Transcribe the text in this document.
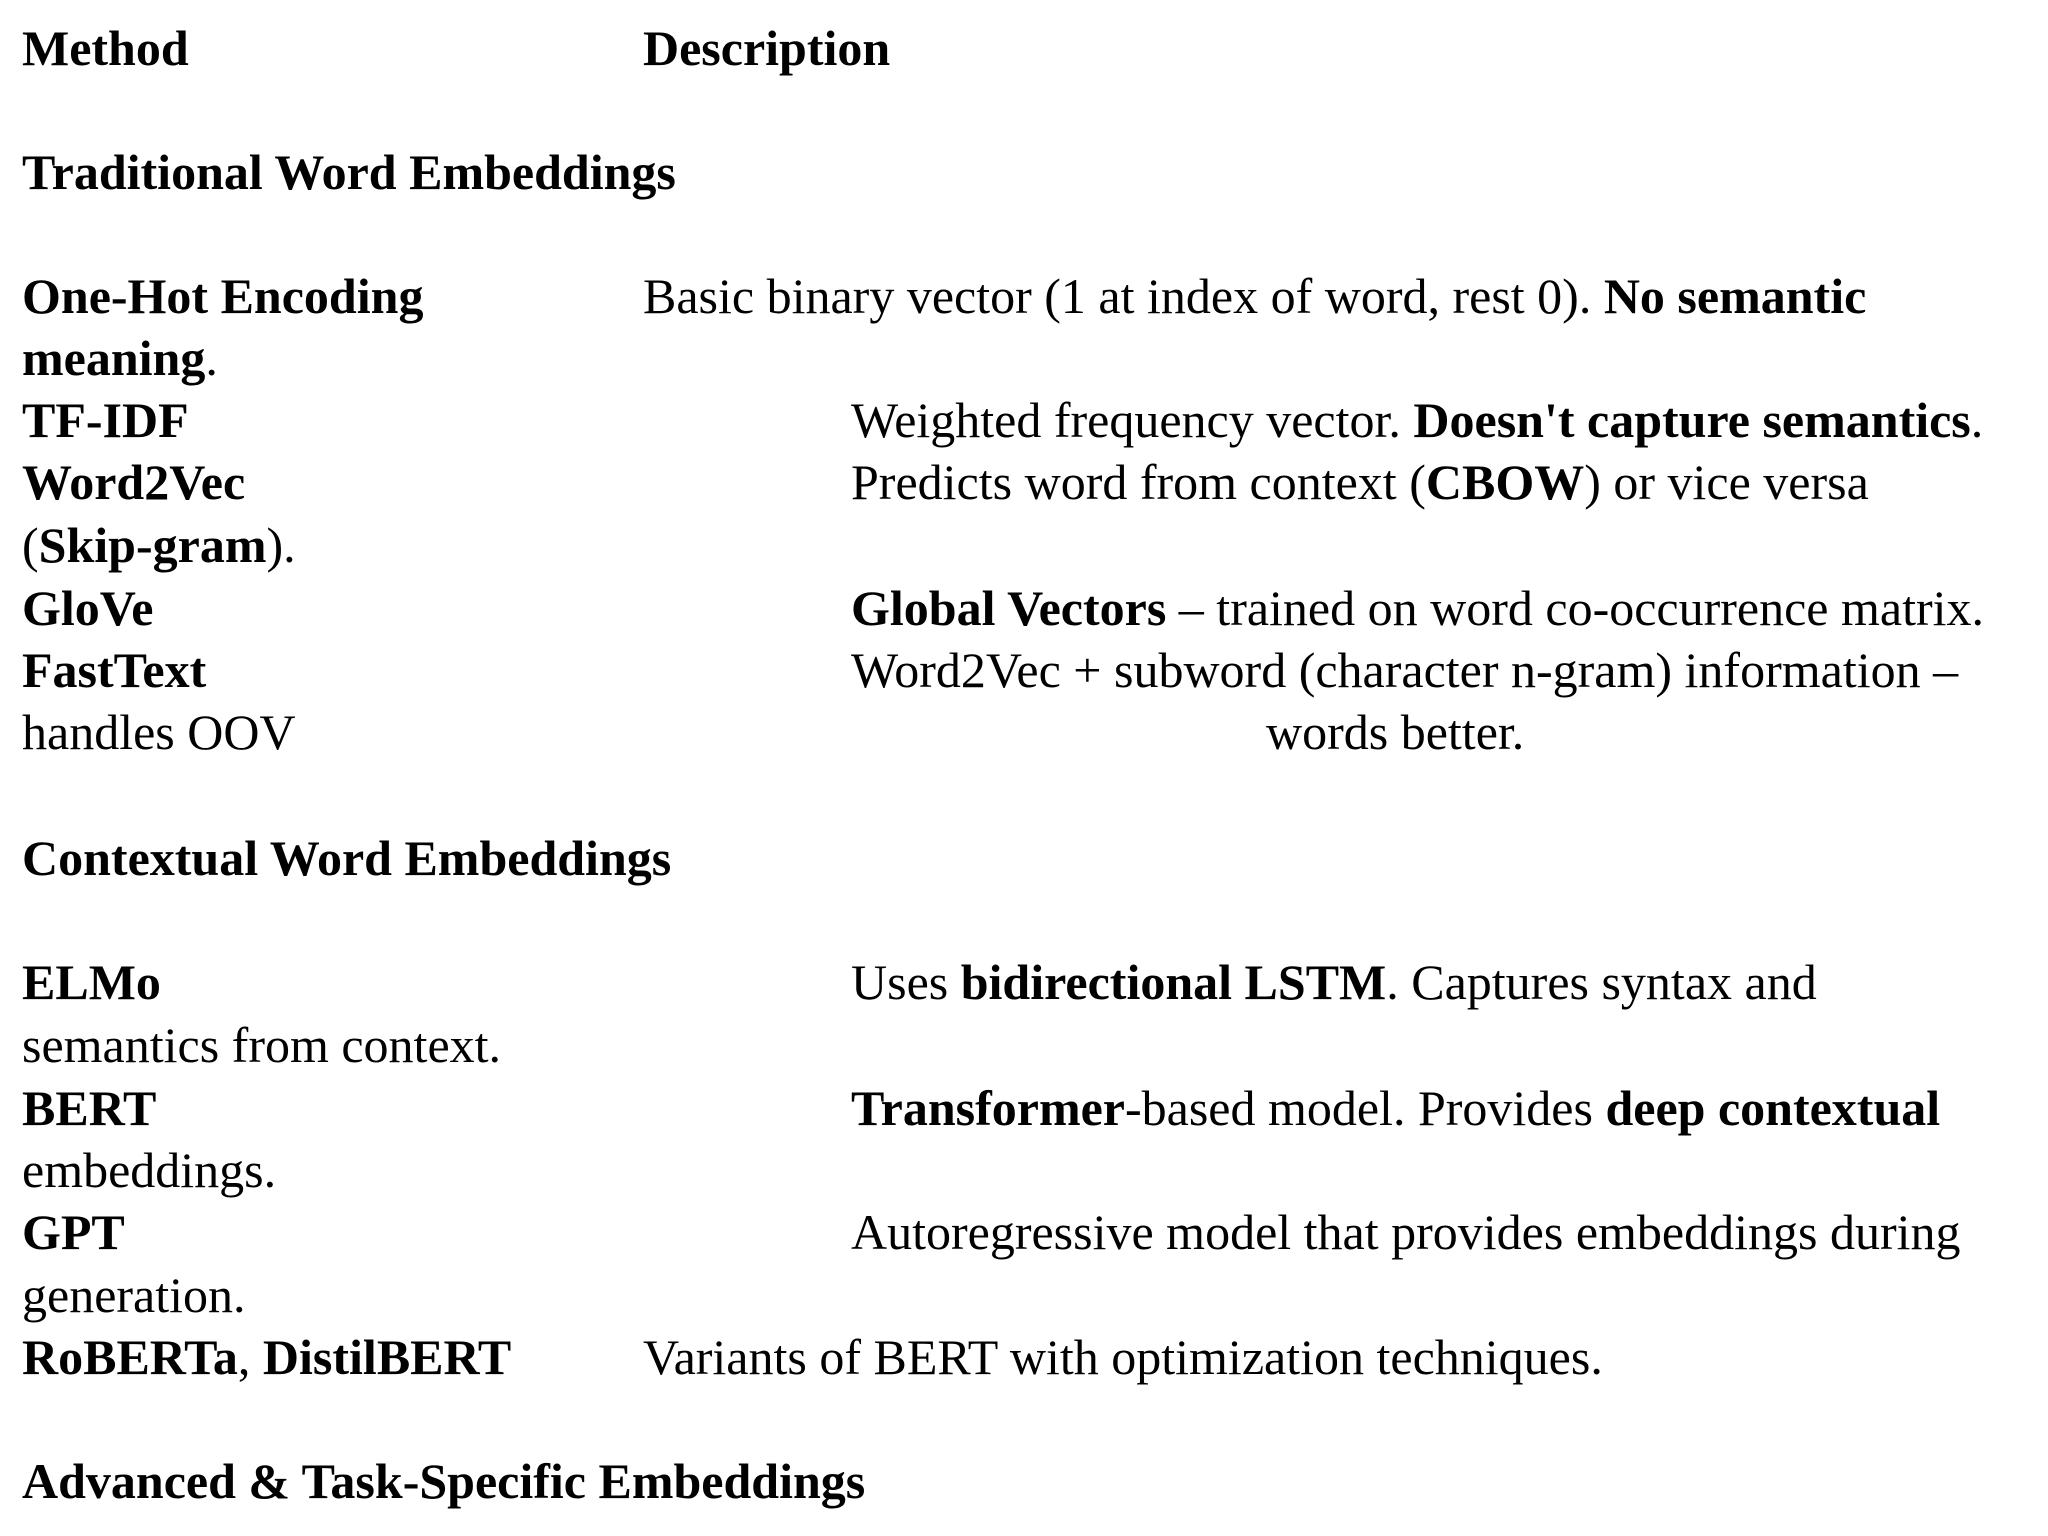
Method	Description
Traditional Word Embeddings
One-Hot Encoding	Basic binary vector (1 at index of word, rest 0). No semantic
meaning.
TF-IDF	Weighted frequency vector. Doesn't capture semantics.
Word2Vec	Predicts word from context (CBOW) or vice versa
(Skip-gram).
GloVe	Global Vectors – trained on word co-occurrence matrix.
FastText	Word2Vec + subword (character n-gram) information –
handles OOV	words better.
Contextual Word Embeddings
ELMo	Uses bidirectional LSTM. Captures syntax and
semantics from context.
BERT	Transformer-based model. Provides deep contextual
embeddings.
GPT	Autoregressive model that provides embeddings during
generation.
RoBERTa, DistilBERT	Variants of BERT with optimization techniques.
Advanced & Task-Specific Embeddings
